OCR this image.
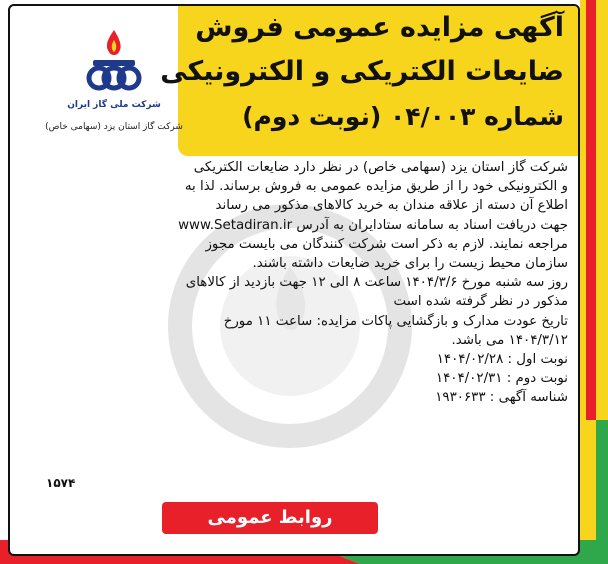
آگهی مزایده عمومی فروش
ضایعات الکتریکی و الکترونیکی
شماره ۰۴/۰۰۳ (نوبت دوم)
شرکت ملی گاز ایران
شرکت گاز استان یزد (سهامی خاص)

شرکت گاز استان یزد (سهامی خاص) در نظر دارد ضایعات الکتریکی

و الکترونیکی خود را از طریق مزایده عمومی به فروش برساند. لذا به

اطلاع آن دسته از علاقه مندان به خرید کالاهای مذکور می رساند

جهت دریافت اسناد به سامانه ستادایران به آدرس www.Setadiran.ir

مراجعه نمایند. لازم به ذکر است شرکت کنندگان می بایست مجوز

سازمان محیط زیست را برای خرید ضایعات داشته باشند.

روز سه شنبه مورخ ۱۴۰۴/۳/۶ ساعت ۸ الی ۱۲ جهت بازدید از کالاهای

مذکور در نظر گرفته شده است

تاریخ عودت مدارک و بازگشایی پاکات مزایده: ساعت ۱۱ مورخ

۱۴۰۴/۳/۱۲ می باشد.

نوبت اول : ۱۴۰۴/۰۲/۲۸

نوبت دوم : ۱۴۰۴/۰۲/۳۱

شناسه آگهی : ۱۹۳۰۶۳۳

۱۵۷۴
روابط عمومی
